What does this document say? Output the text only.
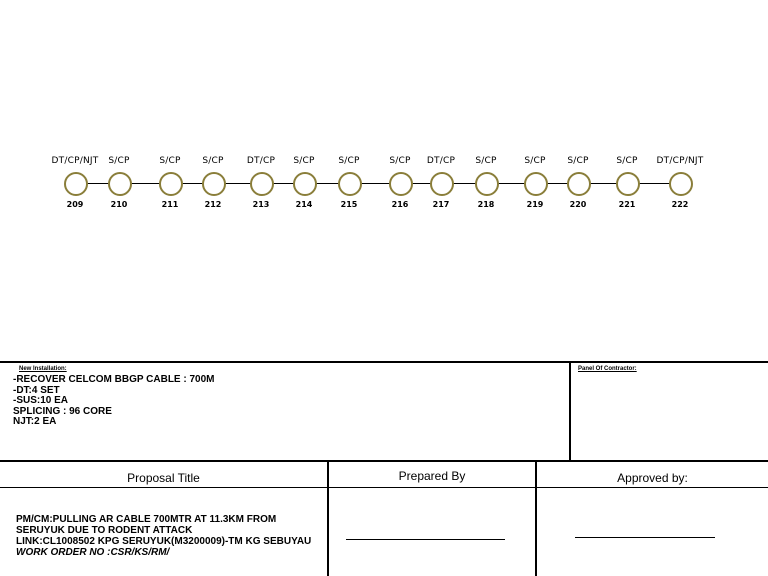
DT/CP/NJT
209
S/CP
210
S/CP
211
S/CP
212
DT/CP
213
S/CP
214
S/CP
215
S/CP
216
DT/CP
217
S/CP
218
S/CP
219
S/CP
220
S/CP
221
DT/CP/NJT
222
New Installation:
-RECOVER CELCOM BBGP CABLE : 700M
-DT:4 SET
-SUS:10 EA
SPLICING : 96 CORE
NJT:2 EA
Panel Of Contractor:
Proposal Title	Prepared By	Approved by:
PM/CM:PULLING AR CABLE 700MTR AT 11.3KM FROM
SERUYUK DUE TO RODENT ATTACK
LINK:CL1008502 KPG SERUYUK(M3200009)-TM KG SEBUYAU
WORK ORDER NO :CSR/KS/RM/
